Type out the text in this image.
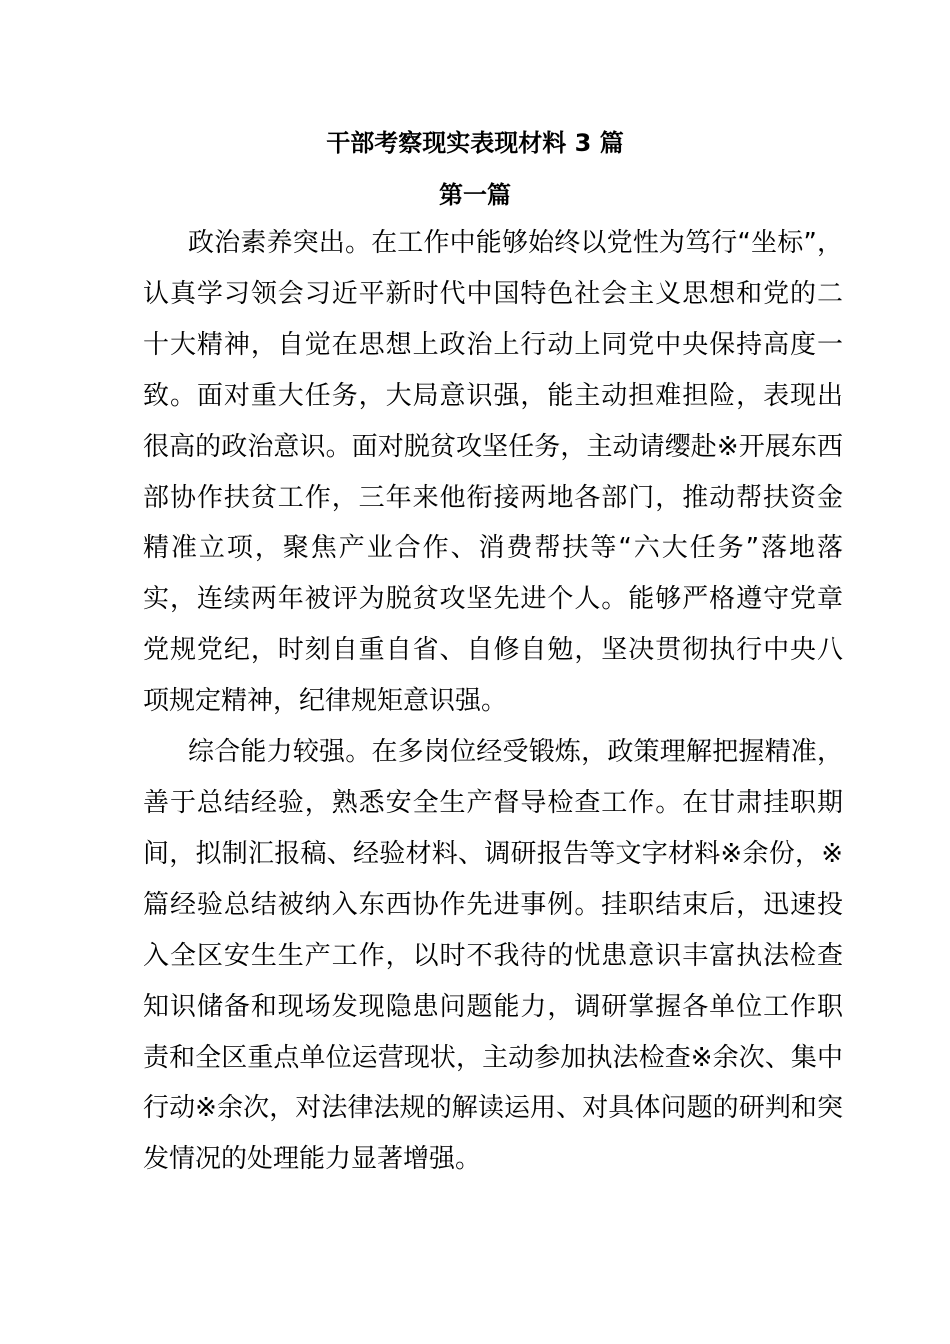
干部考察现实表现材料 3 篇
第一篇

政治素养突出。在工作中能够始终以党性为笃行“坐标”，认真学习领会习近平新时代中国特色社会主义思想和党的二十大精神，自觉在思想上政治上行动上同党中央保持高度一致。面对重大任务，大局意识强，能主动担难担险，表现出很高的政治意识。面对脱贫攻坚任务，主动请缨赴※开展东西部协作扶贫工作，三年来他衔接两地各部门，推动帮扶资金精准立项，聚焦产业合作、消费帮扶等“六大任务”落地落实，连续两年被评为脱贫攻坚先进个人。能够严格遵守党章党规党纪，时刻自重自省、自修自勉，坚决贯彻执行中央八项规定精神，纪律规矩意识强。

综合能力较强。在多岗位经受锻炼，政策理解把握精准，善于总结经验，熟悉安全生产督导检查工作。在甘肃挂职期间，拟制汇报稿、经验材料、调研报告等文字材料※余份，※篇经验总结被纳入东西协作先进事例。挂职结束后，迅速投入全区安生生产工作，以时不我待的忧患意识丰富执法检查知识储备和现场发现隐患问题能力，调研掌握各单位工作职责和全区重点单位运营现状，主动参加执法检查※余次、集中行动※余次，对法律法规的解读运用、对具体问题的研判和突发情况的处理能力显著增强。
